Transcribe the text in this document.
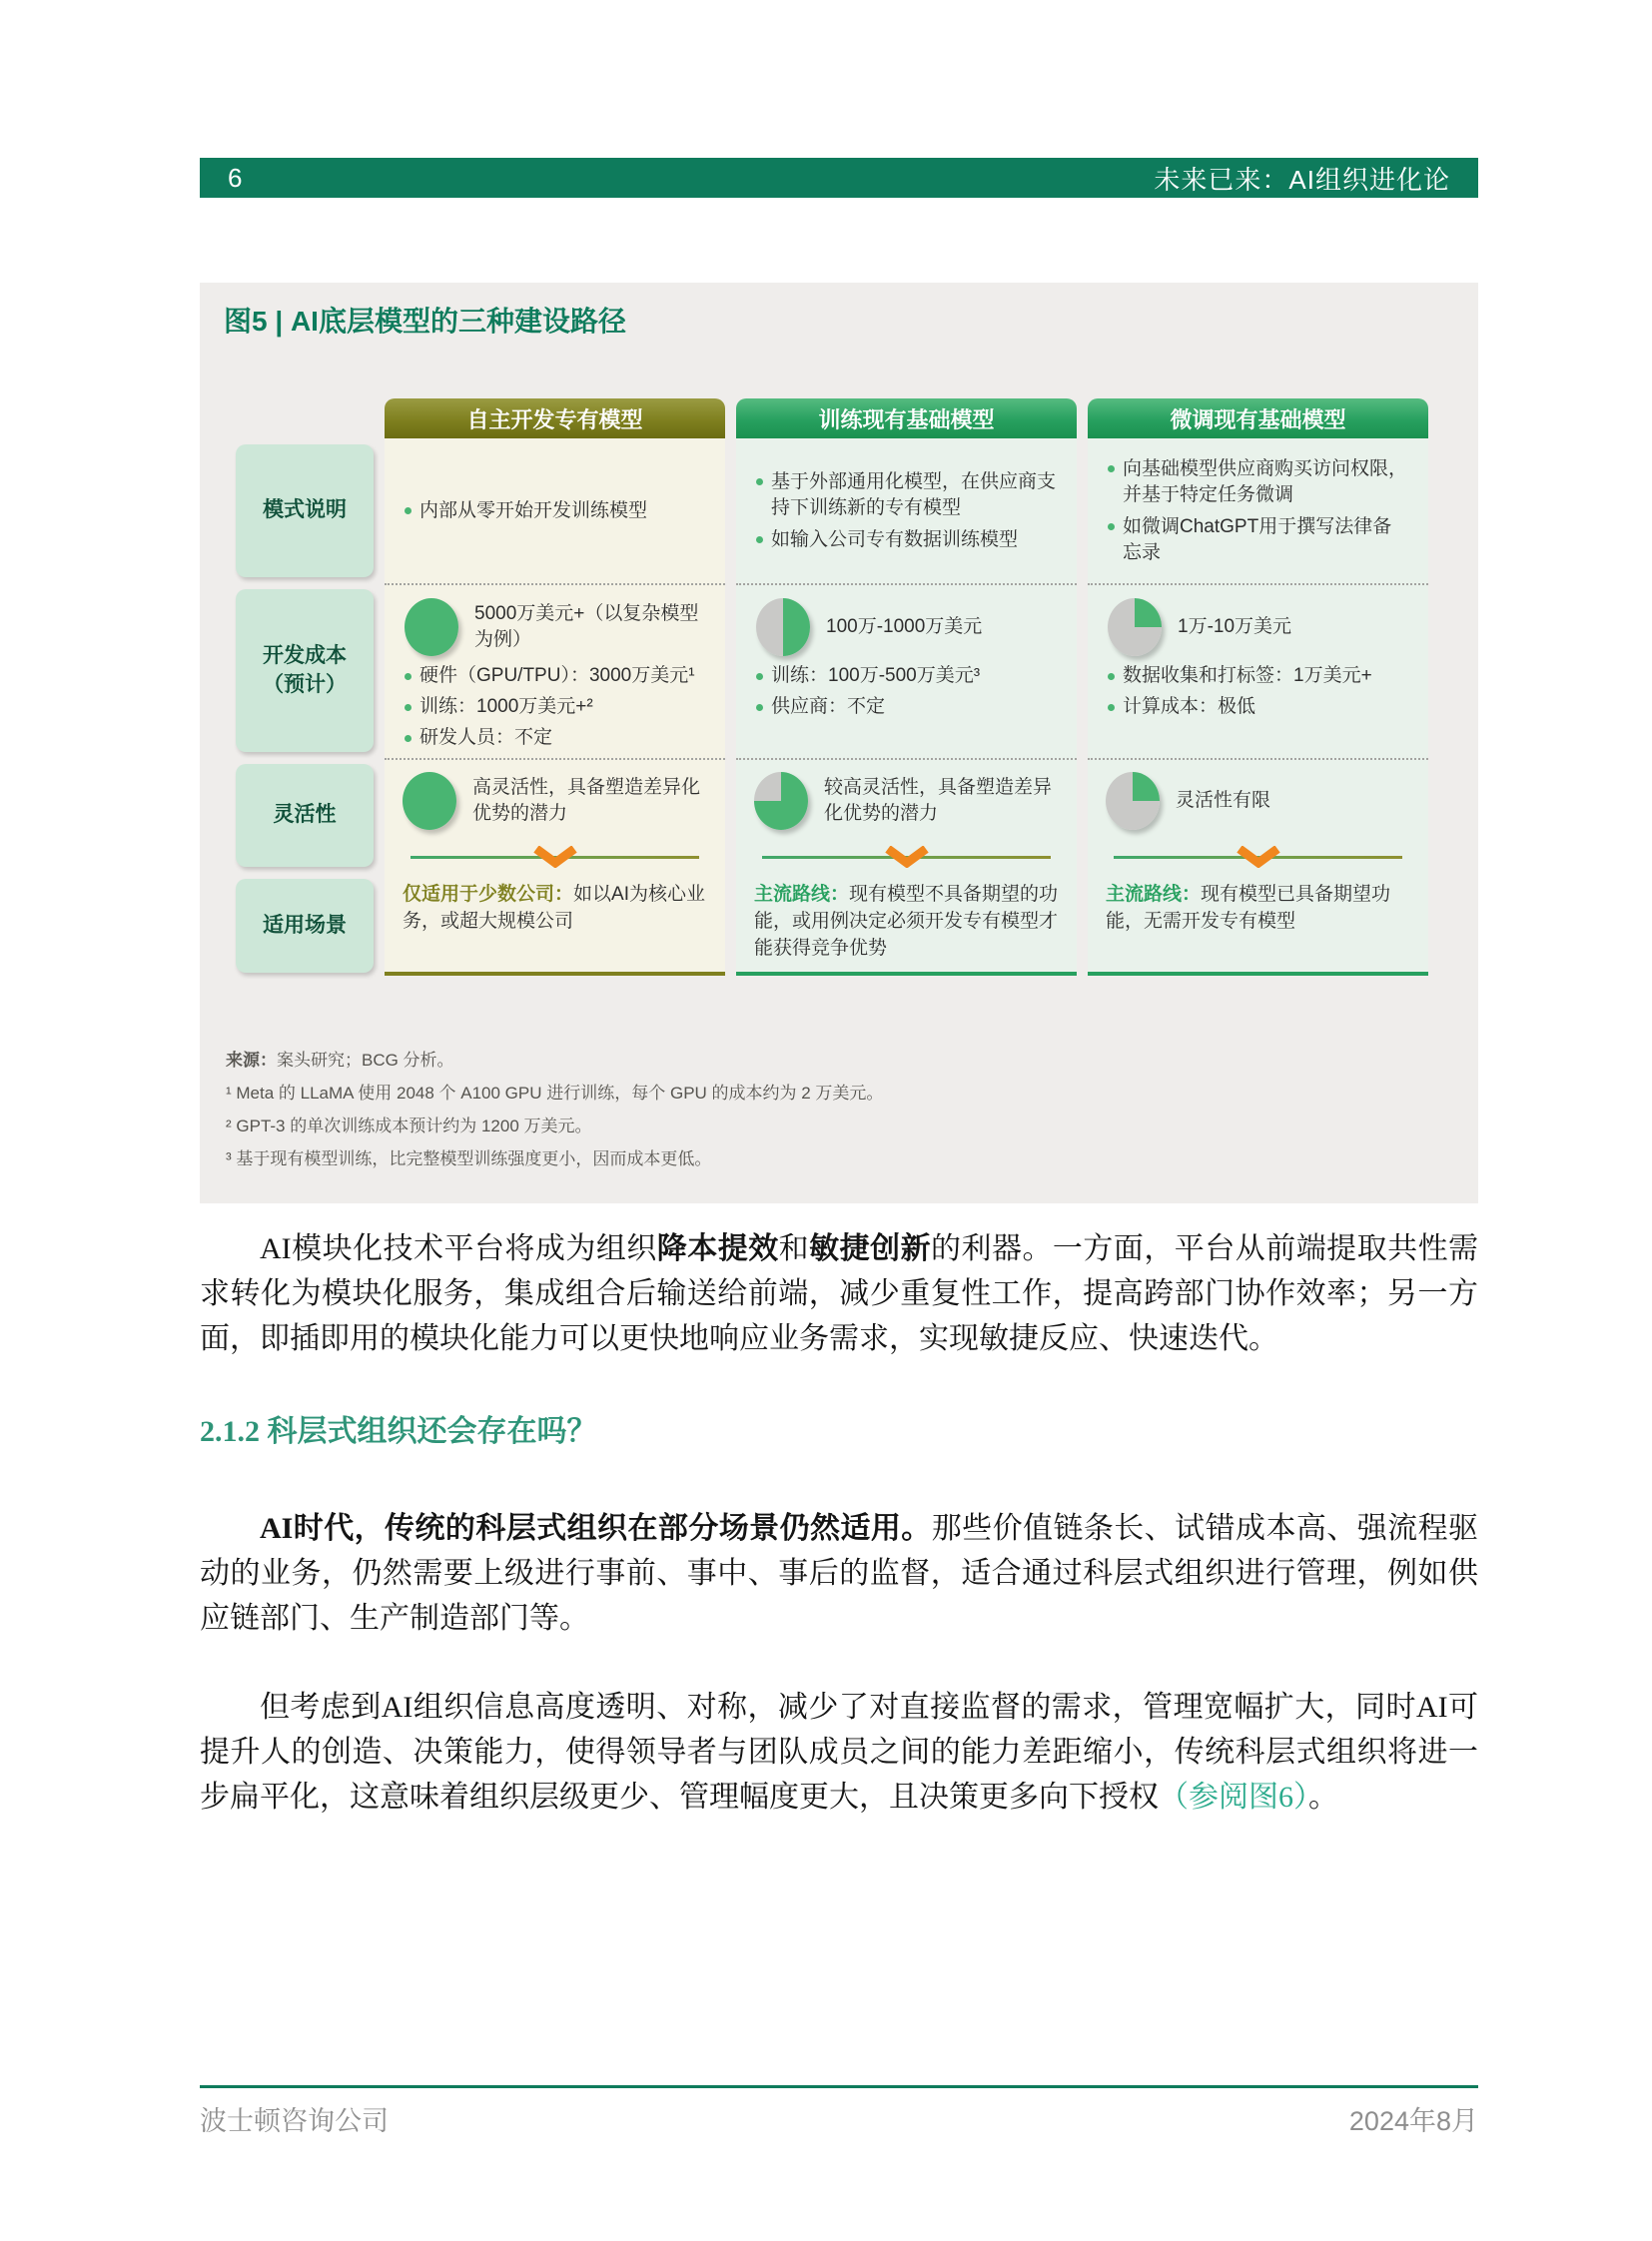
6	未来已来：AI组织进化论
图5 | AI底层模型的三种建设路径
模式说明
开发成本
（预计）
灵活性
适用场景
自主开发专有模型
内部从零开始开发训练模型
5000万美元+（以复杂模型为例）
硬件（GPU/TPU）：3000万美元¹
训练：1000万美元+²
研发人员：不定
高灵活性，具备塑造差异化优势的潜力
仅适用于少数公司：如以AI为核心业务，或超大规模公司
训练现有基础模型
基于外部通用化模型，在供应商支持下训练新的专有模型
如输入公司专有数据训练模型
100万-1000万美元
训练：100万-500万美元³
供应商：不定
较高灵活性，具备塑造差异化优势的潜力
主流路线：现有模型不具备期望的功能，或用例决定必须开发专有模型才能获得竞争优势
微调现有基础模型
向基础模型供应商购买访问权限，并基于特定任务微调
如微调ChatGPT用于撰写法律备忘录
1万-10万美元
数据收集和打标签：1万美元+
计算成本：极低
灵活性有限
主流路线：现有模型已具备期望功能，无需开发专有模型

来源：案头研究；BCG 分析。

¹ Meta 的 LLaMA 使用 2048 个 A100 GPU 进行训练，每个 GPU 的成本约为 2 万美元。

² GPT-3 的单次训练成本预计约为 1200 万美元。

³ 基于现有模型训练，比完整模型训练强度更小，因而成本更低。

AI模块化技术平台将成为组织降本提效和敏捷创新的利器。一方面，平台从前端提取共性需求转化为模块化服务，集成组合后输送给前端，减少重复性工作，提高跨部门协作效率；另一方面，即插即用的模块化能力可以更快地响应业务需求，实现敏捷反应、快速迭代。

2.1.2 科层式组织还会存在吗？

AI时代，传统的科层式组织在部分场景仍然适用。那些价值链条长、试错成本高、强流程驱动的业务，仍然需要上级进行事前、事中、事后的监督，适合通过科层式组织进行管理，例如供应链部门、生产制造部门等。

但考虑到AI组织信息高度透明、对称，减少了对直接监督的需求，管理宽幅扩大，同时AI可提升人的创造、决策能力，使得领导者与团队成员之间的能力差距缩小，传统科层式组织将进一步扁平化，这意味着组织层级更少、管理幅度更大，且决策更多向下授权（参阅图6）。

波士顿咨询公司	2024年8月
